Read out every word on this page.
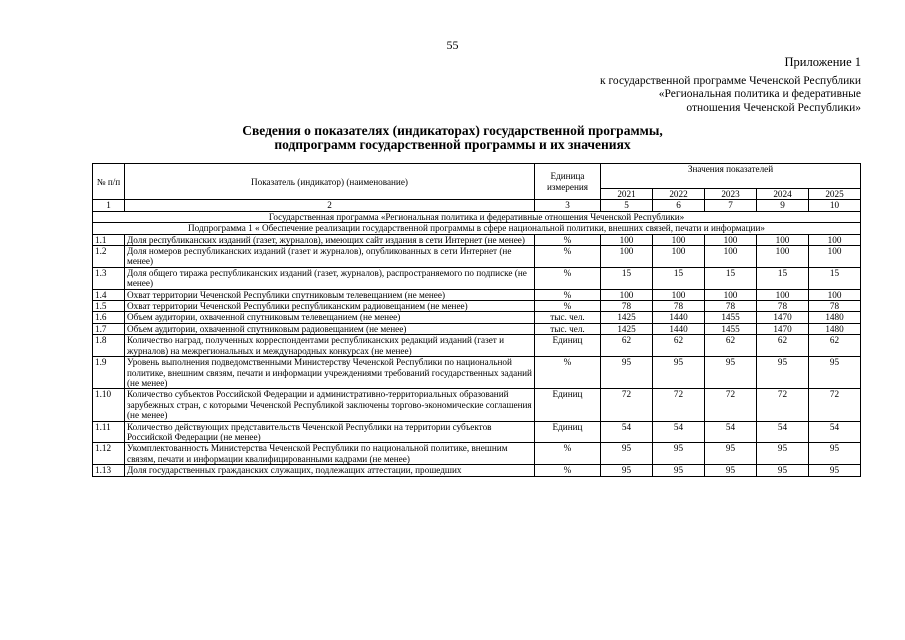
55
Приложение 1
к государственной программе Чеченской Республики
«Региональная политика и федеративные
отношения Чеченской Республики»
Сведения о показателях (индикаторах) государственной программы,
подпрограмм государственной программы и их значениях
№ п/п	Показатель (индикатор) (наименование)	Единица измерения	Значения показателей				
			2021	2022	2023	2024	2025
1	2	3	5	6	7	9	10
Государственная программа «Региональная политика и федеративные отношения Чеченской Республики»							
Подпрограмма 1 « Обеспечение реализации государственной программы в сфере национальной политики, внешних связей, печати и информации»							
1.1	Доля республиканских изданий (газет, журналов), имеющих сайт издания в сети Интернет (не менее)	%	100	100	100	100	100
1.2	Доля номеров республиканских изданий (газет и журналов), опубликованных в сети Интернет (не менее)	%	100	100	100	100	100
1.3	Доля общего тиража республиканских изданий (газет, журналов), распространяемого по подписке (не менее)	%	15	15	15	15	15
1.4	Охват территории Чеченской Республики спутниковым телевещанием (не менее)	%	100	100	100	100	100
1.5	Охват территории Чеченской Республики республиканским радиовещанием (не менее)	%	78	78	78	78	78
1.6	Объем аудитории, охваченной спутниковым телевещанием (не менее)	тыс. чел.	1425	1440	1455	1470	1480
1.7	Объем аудитории, охваченной спутниковым радиовещанием (не менее)	тыс. чел.	1425	1440	1455	1470	1480
1.8	Количество наград, полученных корреспондентами республиканских редакций изданий (газет и журналов) на межрегиональных и международных конкурсах (не менее)	Единиц	62	62	62	62	62
1.9	Уровень выполнения подведомственными Министерству Чеченской Республики по национальной политике, внешним связям, печати и информации учреждениями требований государственных заданий (не менее)	%	95	95	95	95	95
1.10	Количество субъектов Российской Федерации и административно-территориальных образований зарубежных стран, с которыми Чеченской Республикой заключены торгово-экономические соглашения (не менее)	Единиц	72	72	72	72	72
1.11	Количество действующих представительств Чеченской Республики на территории субъектов Российской Федерации (не менее)	Единиц	54	54	54	54	54
1.12	Укомплектованность Министерства Чеченской Республики по национальной политике, внешним связям, печати и информации квалифицированными кадрами (не менее)	%	95	95	95	95	95
1.13	Доля государственных гражданских служащих, подлежащих аттестации, прошедших	%	95	95	95	95	95
